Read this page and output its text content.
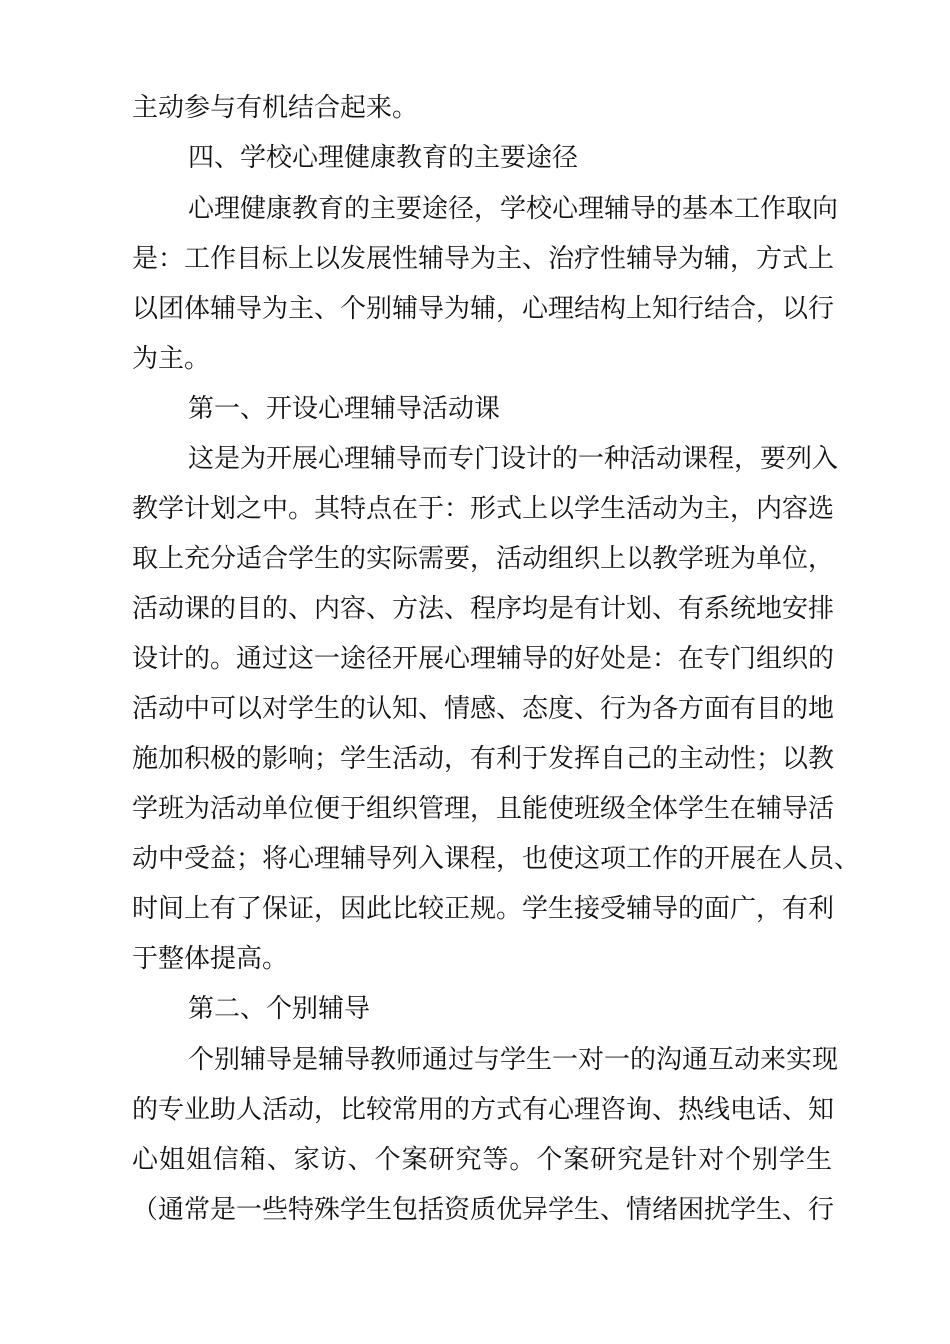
主动参与有机结合起来。
四、学校心理健康教育的主要途径
心理健康教育的主要途径，学校心理辅导的基本工作取向
是：工作目标上以发展性辅导为主、治疗性辅导为辅，方式上
以团体辅导为主、个别辅导为辅，心理结构上知行结合，以行
为主。
第一、开设心理辅导活动课
这是为开展心理辅导而专门设计的一种活动课程，要列入
教学计划之中。其特点在于：形式上以学生活动为主，内容选
取上充分适合学生的实际需要，活动组织上以教学班为单位，
活动课的目的、内容、方法、程序均是有计划、有系统地安排
设计的。通过这一途径开展心理辅导的好处是：在专门组织的
活动中可以对学生的认知、情感、态度、行为各方面有目的地
施加积极的影响；学生活动，有利于发挥自己的主动性；以教
学班为活动单位便于组织管理，且能使班级全体学生在辅导活
动中受益；将心理辅导列入课程，也使这项工作的开展在人员、
时间上有了保证，因此比较正规。学生接受辅导的面广，有利
于整体提高。
第二、个别辅导
个别辅导是辅导教师通过与学生一对一的沟通互动来实现
的专业助人活动，比较常用的方式有心理咨询、热线电话、知
心姐姐信箱、家访、个案研究等。个案研究是针对个别学生
（通常是一些特殊学生包括资质优异学生、情绪困扰学生、行
